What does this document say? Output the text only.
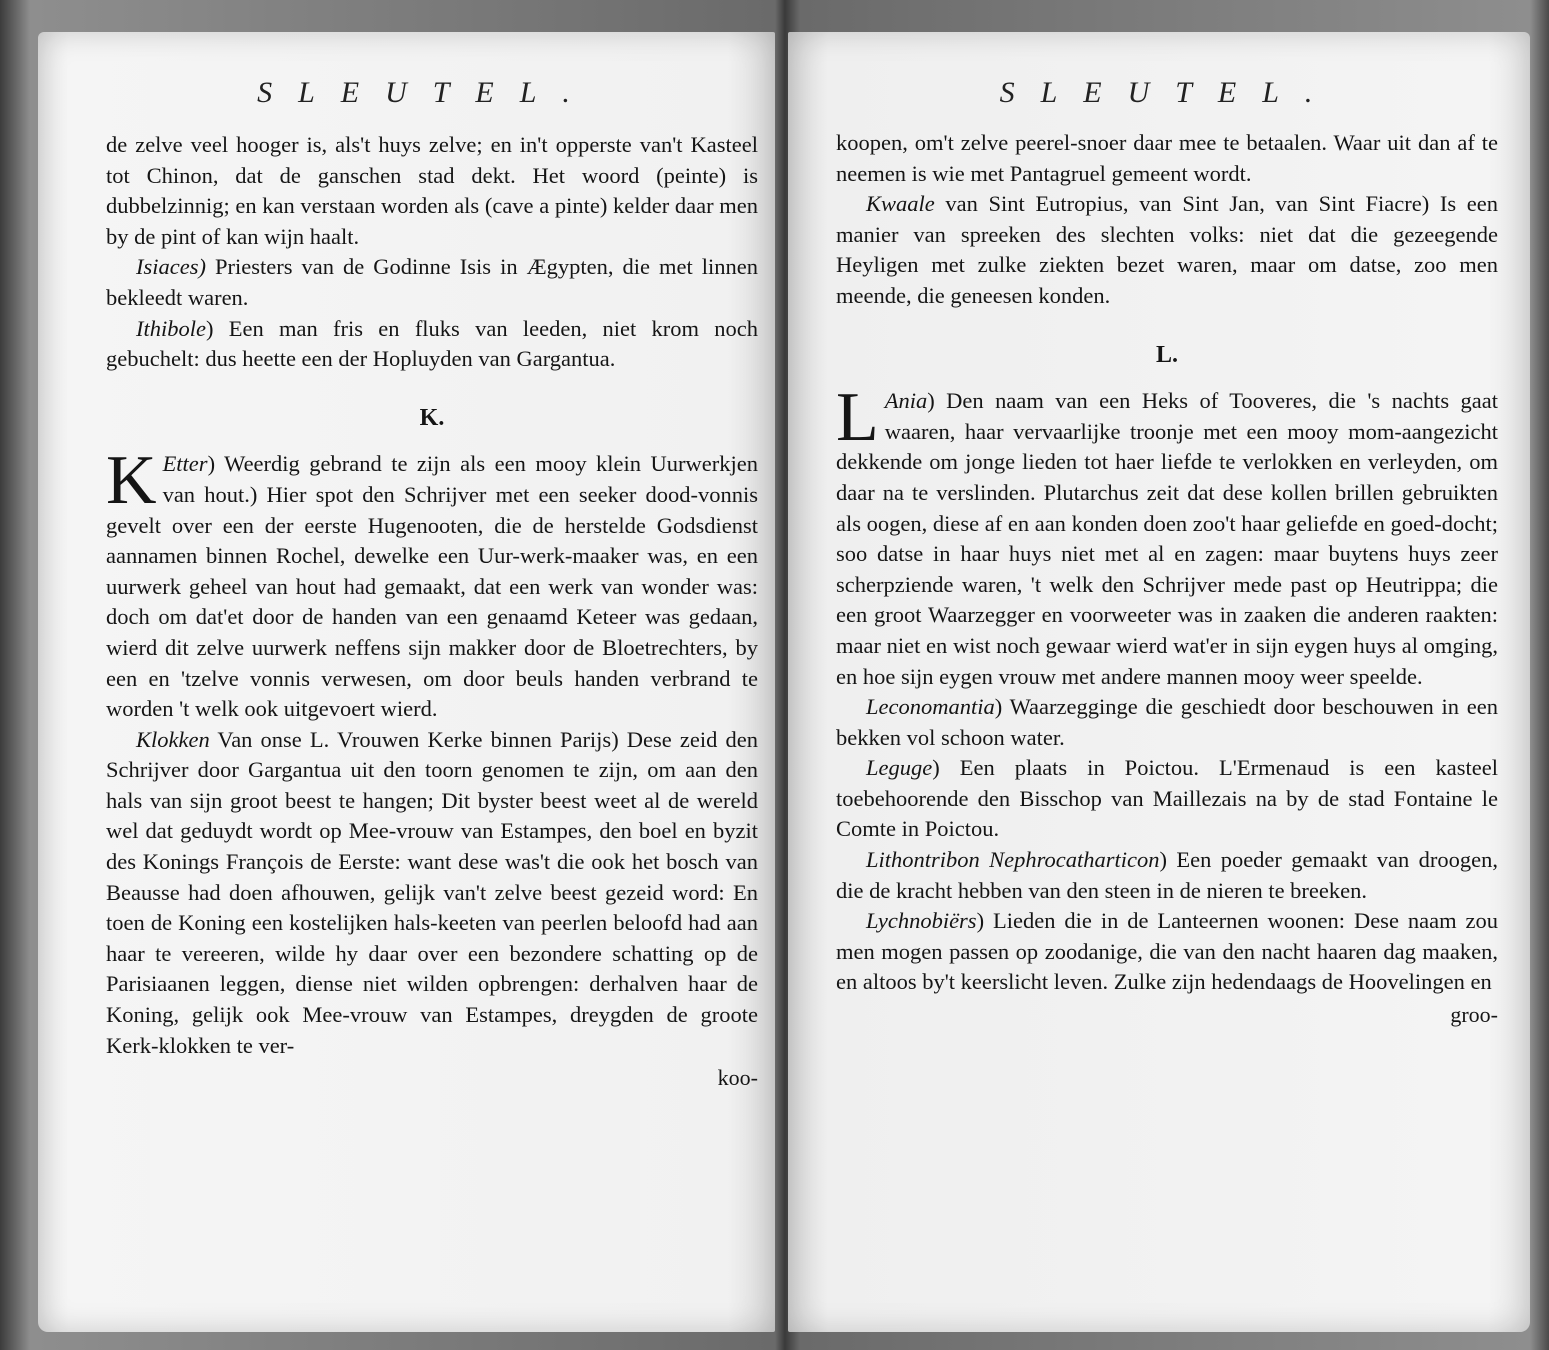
SLEUTEL.

de zelve veel hooger is, als't huys zelve; en in't opperste van't Kasteel tot Chinon, dat de ganschen stad dekt. Het woord (peinte) is dubbelzinnig; en kan verstaan worden als (cave a pinte) kelder daar men by de pint of kan wijn haalt.

Isiaces) Priesters van de Godinne Isis in Ægypten, die met linnen bekleedt waren.

Ithibole) Een man fris en fluks van leeden, niet krom noch gebuchelt: dus heette een der Hopluyden van Gargantua.

K.

K Etter) Weerdig gebrand te zijn als een mooy klein Uurwerkjen van hout.) Hier spot den Schrijver met een seeker dood-vonnis gevelt over een der eerste Hugenooten, die de herstelde Godsdienst aannamen binnen Rochel, dewelke een Uur-werk-maaker was, en een uurwerk geheel van hout had gemaakt, dat een werk van wonder was: doch om dat'et door de handen van een genaamd Keteer was gedaan, wierd dit zelve uurwerk neffens sijn makker door de Bloetrechters, by een en 'tzelve vonnis verwesen, om door beuls handen verbrand te worden 't welk ook uitgevoert wierd.

Klokken Van onse L. Vrouwen Kerke binnen Parijs) Dese zeid den Schrijver door Gargantua uit den toorn genomen te zijn, om aan den hals van sijn groot beest te hangen; Dit byster beest weet al de wereld wel dat geduydt wordt op Mee-vrouw van Estampes, den boel en byzit des Konings François de Eerste: want dese was't die ook het bosch van Beausse had doen afhouwen, gelijk van't zelve beest gezeid word: En toen de Koning een kostelijken hals-keeten van peerlen beloofd had aan haar te vereeren, wilde hy daar over een bezondere schatting op de Parisiaanen leggen, diense niet wilden opbrengen: derhalven haar de Koning, gelijk ook Mee-vrouw van Estampes, dreygden de groote Kerk-klokken te ver-

koo-
SLEUTEL.

koopen, om't zelve peerel-snoer daar mee te betaalen. Waar uit dan af te neemen is wie met Pantagruel gemeent wordt.

Kwaale van Sint Eutropius, van Sint Jan, van Sint Fiacre) Is een manier van spreeken des slechten volks: niet dat die gezeegende Heyligen met zulke ziekten bezet waren, maar om datse, zoo men meende, die geneesen konden.

L.

L Ania) Den naam van een Heks of Tooveres, die 's nachts gaat waaren, haar vervaarlijke troonje met een mooy mom-aangezicht dekkende om jonge lieden tot haer liefde te verlokken en verleyden, om daar na te verslinden. Plutarchus zeit dat dese kollen brillen gebruikten als oogen, diese af en aan konden doen zoo't haar geliefde en goed-docht; soo datse in haar huys niet met al en zagen: maar buytens huys zeer scherpziende waren, 't welk den Schrijver mede past op Heutrippa; die een groot Waarzegger en voorweeter was in zaaken die anderen raakten: maar niet en wist noch gewaar wierd wat'er in sijn eygen huys al omging, en hoe sijn eygen vrouw met andere mannen mooy weer speelde.

Leconomantia) Waarzegginge die geschiedt door beschouwen in een bekken vol schoon water.

Leguge) Een plaats in Poictou. L'Ermenaud is een kasteel toebehoorende den Bisschop van Maillezais na by de stad Fontaine le Comte in Poictou.

Lithontribon Nephrocatharticon) Een poeder gemaakt van droogen, die de kracht hebben van den steen in de nieren te breeken.

Lychnobiërs) Lieden die in de Lanteernen woonen: Dese naam zou men mogen passen op zoodanige, die van den nacht haaren dag maaken, en altoos by't keerslicht leven. Zulke zijn hedendaags de Hoovelingen en

groo-
